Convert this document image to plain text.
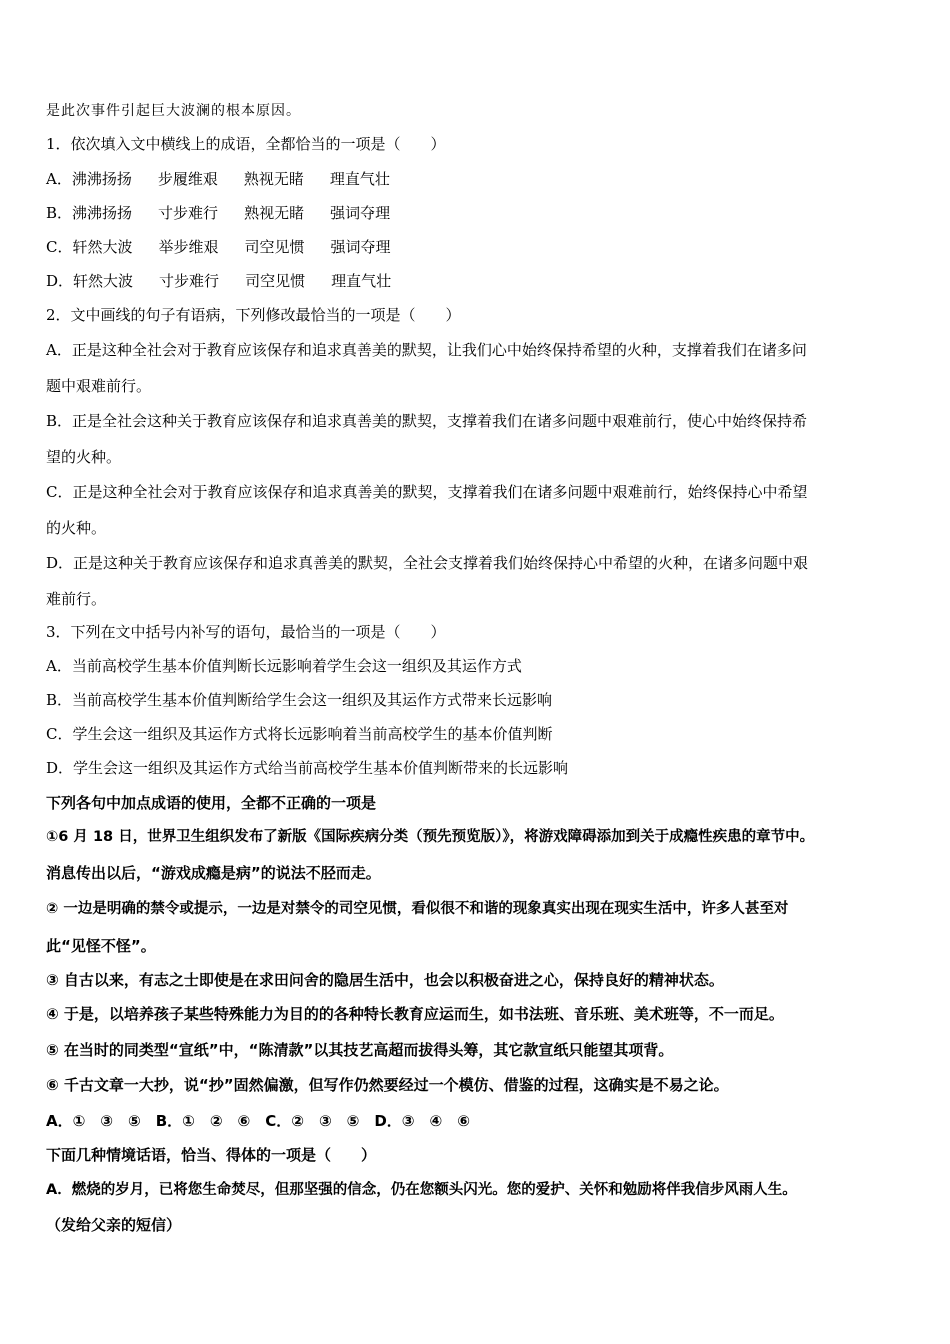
是此次事件引起巨大波澜的根本原因。
1．依次填入文中横线上的成语，全都恰当的一项是（　　）
A．沸沸扬扬 步履维艰 熟视无睹 理直气壮
B．沸沸扬扬 寸步难行 熟视无睹 强词夺理
C．轩然大波 举步维艰 司空见惯 强词夺理
D．轩然大波 寸步难行 司空见惯 理直气壮
2．文中画线的句子有语病，下列修改最恰当的一项是（　　）
A．正是这种全社会对于教育应该保存和追求真善美的默契，让我们心中始终保持希望的火种，支撑着我们在诸多问
题中艰难前行。
B．正是全社会这种关于教育应该保存和追求真善美的默契，支撑着我们在诸多问题中艰难前行，使心中始终保持希
望的火种。
C．正是这种全社会对于教育应该保存和追求真善美的默契，支撑着我们在诸多问题中艰难前行，始终保持心中希望
的火种。
D．正是这种关于教育应该保存和追求真善美的默契，全社会支撑着我们始终保持心中希望的火种，在诸多问题中艰
难前行。
3．下列在文中括号内补写的语句，最恰当的一项是（　　）
A．当前高校学生基本价值判断长远影响着学生会这一组织及其运作方式
B．当前高校学生基本价值判断给学生会这一组织及其运作方式带来长远影响
C．学生会这一组织及其运作方式将长远影响着当前高校学生的基本价值判断
D．学生会这一组织及其运作方式给当前高校学生基本价值判断带来的长远影响
下列各句中加点成语的使用，全都不正确的一项是
①6 月 18 日，世界卫生组织发布了新版《国际疾病分类（预先预览版）》，将游戏障碍添加到关于成瘾性疾患的章节中。
消息传出以后，“游戏成瘾是病”的说法不胫而走。
② 一边是明确的禁令或提示，一边是对禁令的司空见惯，看似很不和谐的现象真实出现在现实生活中，许多人甚至对
此“见怪不怪”。
③ 自古以来，有志之士即使是在求田问舍的隐居生活中，也会以积极奋进之心，保持良好的精神状态。
④ 于是，以培养孩子某些特殊能力为目的的各种特长教育应运而生，如书法班、音乐班、美术班等，不一而足。
⑤ 在当时的同类型“宣纸”中，“陈清款”以其技艺高超而拔得头筹，其它款宣纸只能望其项背。
⑥ 千古文章一大抄，说“抄”固然偏激，但写作仍然要经过一个模仿、借鉴的过程，这确实是不易之论。
A．①　③　⑤　B．①　②　⑥　C．②　③　⑤　D．③　④　⑥
下面几种情境话语，恰当、得体的一项是（　　）
A．燃烧的岁月，已将您生命焚尽，但那坚强的信念，仍在您额头闪光。您的爱护、关怀和勉励将伴我信步风雨人生。
（发给父亲的短信）
